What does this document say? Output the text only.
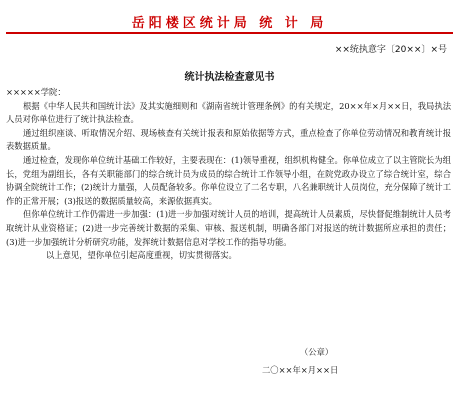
岳阳楼区统计局 统 计 局
××统执意字〔20××〕×号
统计执法检查意见书

×××××学院：

根据《中华人民共和国统计法》及其实施细则和《湖南省统计管理条例》的有关规定，20××年×月××日，我局执法人员对你单位进行了统计执法检查。

通过组织座谈、听取情况介绍、现场核查有关统计报表和原始依据等方式，重点检查了你单位劳动情况和教育统计报表数据质量。

通过检查，发现你单位统计基础工作较好，主要表现在：(1)领导重视，组织机构健全。你单位成立了以主管院长为组长，党组为副组长，各有关职能部门的综合统计员为成员的综合统计工作领导小组，在院党政办设立了综合统计室，综合协调全院统计工作；(2)统计力量强，人员配备较多。你单位设立了二名专职，八名兼职统计人员岗位，充分保障了统计工作的正常开展；(3)报送的数据质量较高，来源依据真实。

但你单位统计工作仍需进一步加强：(1)进一步加强对统计人员的培训，提高统计人员素质，尽快督促维制统计人员考取统计从业资格证；(2)进一步完善统计数据的采集、审核、报送机制，明确各部门对报送的统计数据所应承担的责任；(3)进一步加强统计分析研究功能，发挥统计数据信息对学校工作的指导功能。

以上意见，望你单位引起高度重视，切实贯彻落实。

（公章）
二〇××年×月××日
